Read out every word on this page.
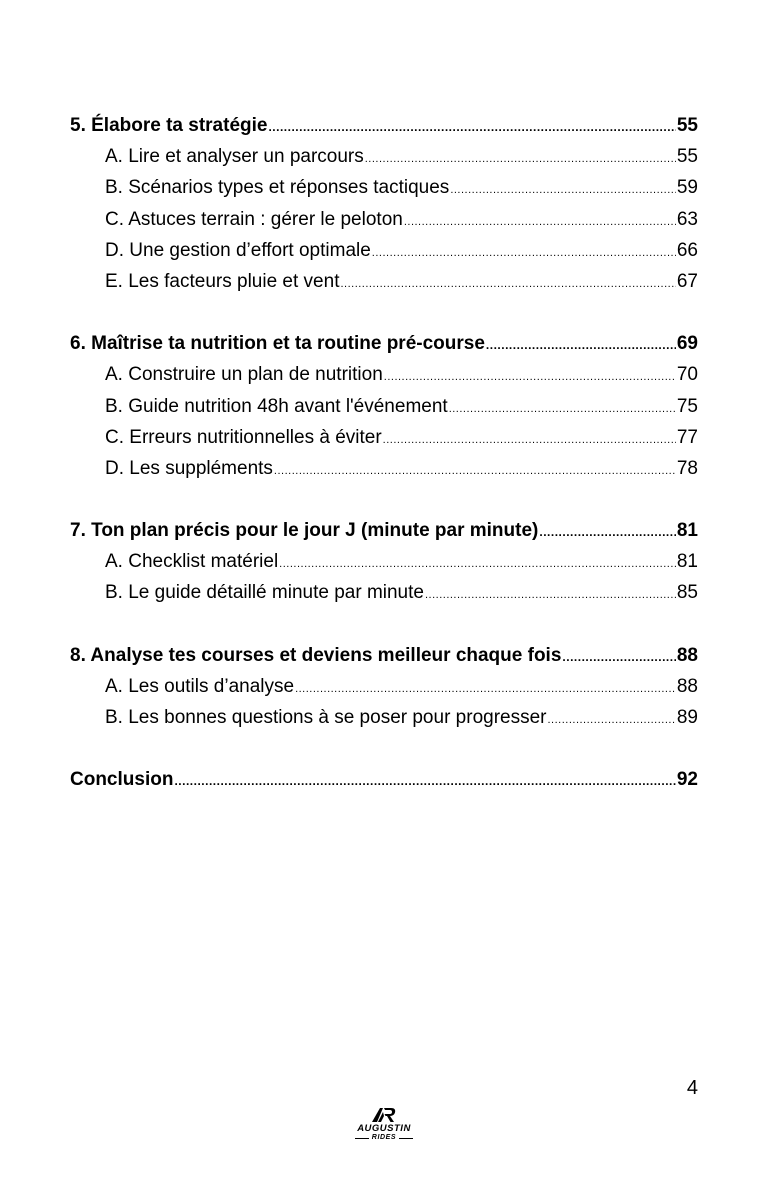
5. Élabore ta stratégie .....	55
A. Lire et analyser un parcours .....	55
B. Scénarios types et réponses tactiques .....	59
C. Astuces terrain : gérer le peloton .....	63
D. Une gestion d’effort optimale .....	66
E. Les facteurs pluie et vent .....	67
6. Maîtrise ta nutrition et ta routine pré-course .....	69
A. Construire un plan de nutrition .....	70
B. Guide nutrition 48h avant l'événement .....	75
C. Erreurs nutritionnelles à éviter .....	77
D. Les suppléments .....	78
7. Ton plan précis pour le jour J (minute par minute) .....	81
A. Checklist matériel .....	81
B. Le guide détaillé minute par minute .....	85
8. Analyse tes courses et deviens meilleur chaque fois .....	88
A. Les outils d’analyse .....	88
B. Les bonnes questions à se poser pour progresser .....	89
Conclusion .....	92
4
AUGUSTIN
RIDES
